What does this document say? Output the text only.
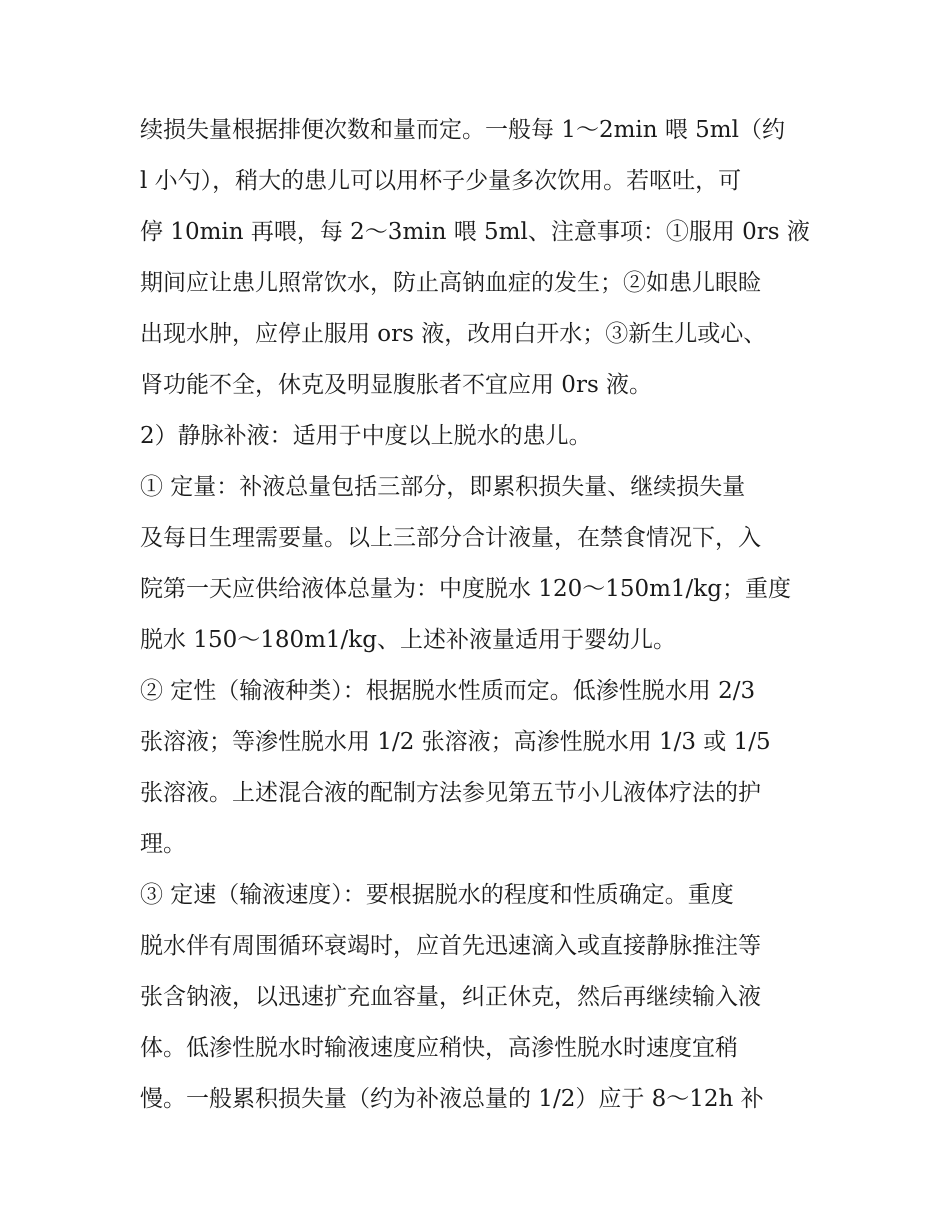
续损失量根据排便次数和量而定。一般每 1～2min 喂 5ml（约
l 小勺），稍大的患儿可以用杯子少量多次饮用。若呕吐，可
停 10min 再喂，每 2～3min 喂 5ml、注意事项：①服用 0rs 液
期间应让患儿照常饮水，防止高钠血症的发生；②如患儿眼睑
出现水肿，应停止服用 ors 液，改用白开水；③新生儿或心、
肾功能不全，休克及明显腹胀者不宜应用 0rs 液。
2）静脉补液：适用于中度以上脱水的患儿。
① 定量：补液总量包括三部分，即累积损失量、继续损失量
及每日生理需要量。以上三部分合计液量，在禁食情况下，入
院第一天应供给液体总量为：中度脱水 120～150m1/kg；重度
脱水 150～180m1/kg、上述补液量适用于婴幼儿。
② 定性（输液种类）：根据脱水性质而定。低渗性脱水用 2/3
张溶液；等渗性脱水用 1/2 张溶液；高渗性脱水用 1/3 或 1/5
张溶液。上述混合液的配制方法参见第五节小儿液体疗法的护
理。
③ 定速（输液速度）：要根据脱水的程度和性质确定。重度
脱水伴有周围循环衰竭时，应首先迅速滴入或直接静脉推注等
张含钠液，以迅速扩充血容量，纠正休克，然后再继续输入液
体。低渗性脱水时输液速度应稍快，高渗性脱水时速度宜稍
慢。一般累积损失量（约为补液总量的 1/2）应于 8～12h 补
